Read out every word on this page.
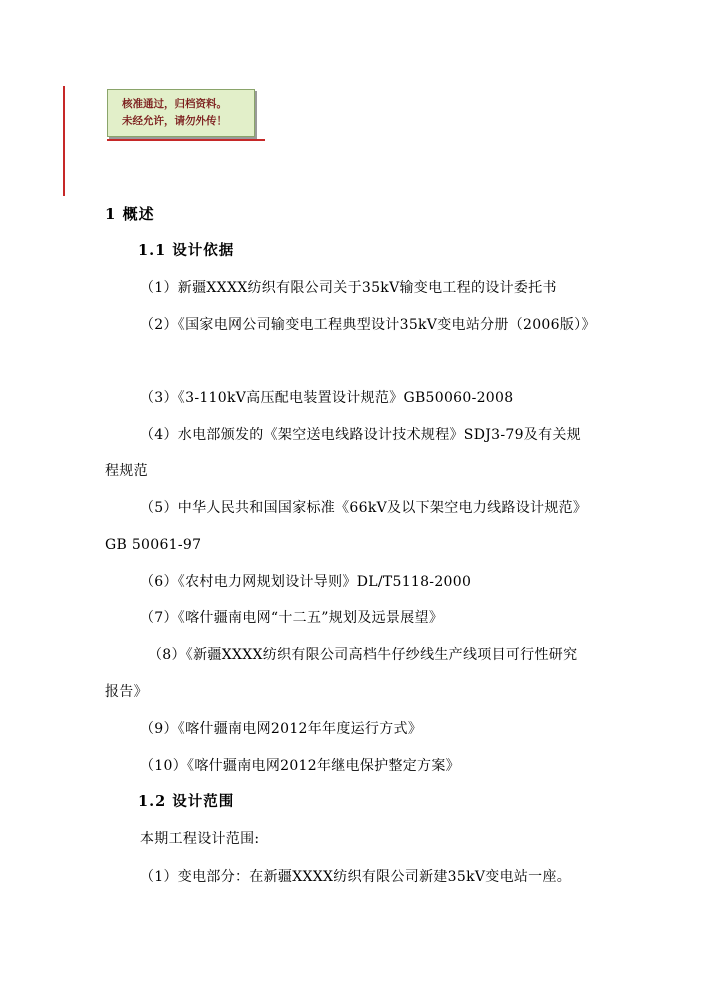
核准通过，归档资料。
未经允许，请勿外传！
1 概述
1.1 设计依据
（1）新疆XXXX纺织有限公司关于35kV输变电工程的设计委托书
（2）《国家电网公司输变电工程典型设计35kV变电站分册（2006版）》
（3）《3-110kV高压配电装置设计规范》GB50060-2008
（4）水电部颁发的《架空送电线路设计技术规程》SDJ3-79及有关规
程规范
（5）中华人民共和国国家标准《66kV及以下架空电力线路设计规范》
GB 50061-97
（6）《农村电力网规划设计导则》DL/T5118-2000
（7）《喀什疆南电网“十二五”规划及远景展望》
（8）《新疆XXXX纺织有限公司高档牛仔纱线生产线项目可行性研究
报告》
（9）《喀什疆南电网2012年年度运行方式》
（10）《喀什疆南电网2012年继电保护整定方案》
1.2 设计范围
本期工程设计范围:
（1）变电部分：在新疆XXXX纺织有限公司新建35kV变电站一座。
